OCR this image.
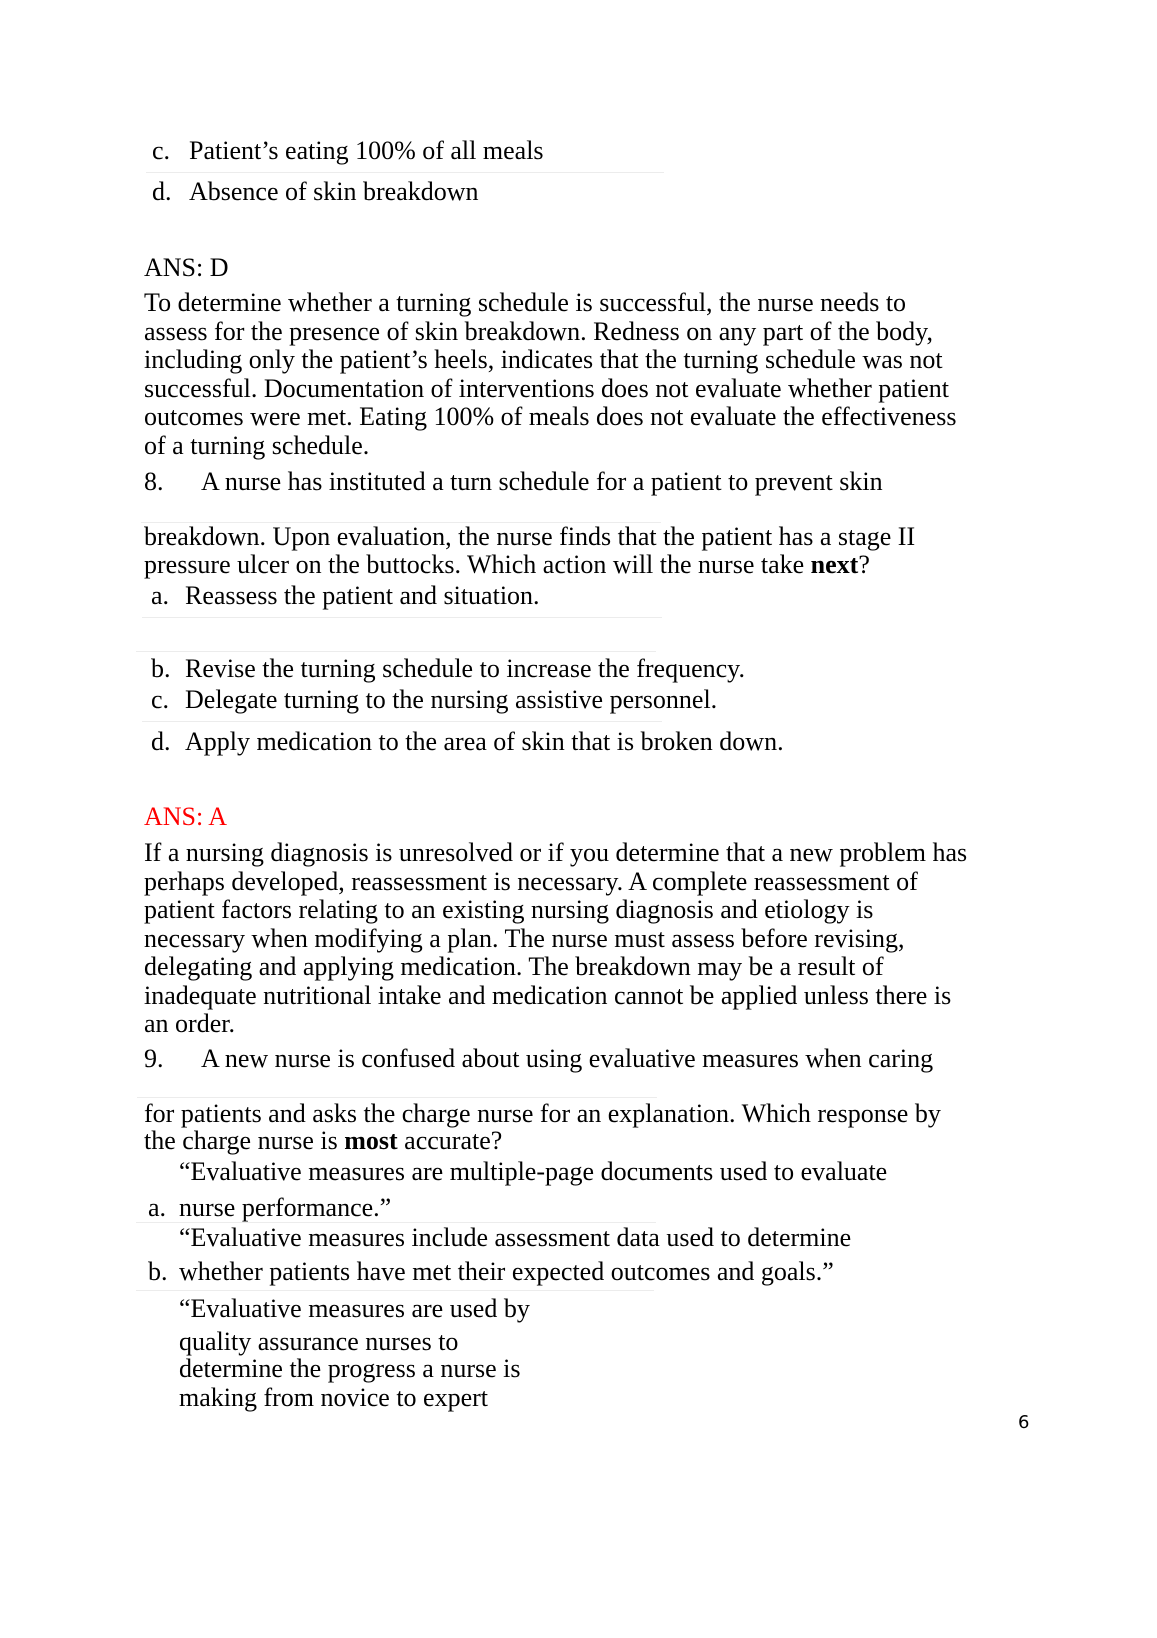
c. Patient’s eating 100% of all meals
d. Absence of skin breakdown
ANS: D
To determine whether a turning schedule is successful, the nurse needs to assess for the presence of skin breakdown. Redness on any part of the body, including only the patient’s heels, indicates that the turning schedule was not successful. Documentation of interventions does not evaluate whether patient outcomes were met. Eating 100% of meals does not evaluate the effectiveness of a turning schedule.
8. A nurse has instituted a turn schedule for a patient to prevent skin
breakdown. Upon evaluation, the nurse finds that the patient has a stage II
pressure ulcer on the buttocks. Which action will the nurse take next?
a. Reassess the patient and situation.
b. Revise the turning schedule to increase the frequency.
c. Delegate turning to the nursing assistive personnel.
d. Apply medication to the area of skin that is broken down.
ANS: A
If a nursing diagnosis is unresolved or if you determine that a new problem has perhaps developed, reassessment is necessary. A complete reassessment of patient factors relating to an existing nursing diagnosis and etiology is necessary when modifying a plan. The nurse must assess before revising, delegating and applying medication. The breakdown may be a result of inadequate nutritional intake and medication cannot be applied unless there is an order.
9. A new nurse is confused about using evaluative measures when caring
for patients and asks the charge nurse for an explanation. Which response by
the charge nurse is most accurate?
“Evaluative measures are multiple-page documents used to evaluate
a. nurse performance.”
“Evaluative measures include assessment data used to determine
b. whether patients have met their expected outcomes and goals.”
“Evaluative measures are used by
quality assurance nurses to
determine the progress a nurse is
making from novice to expert
6
